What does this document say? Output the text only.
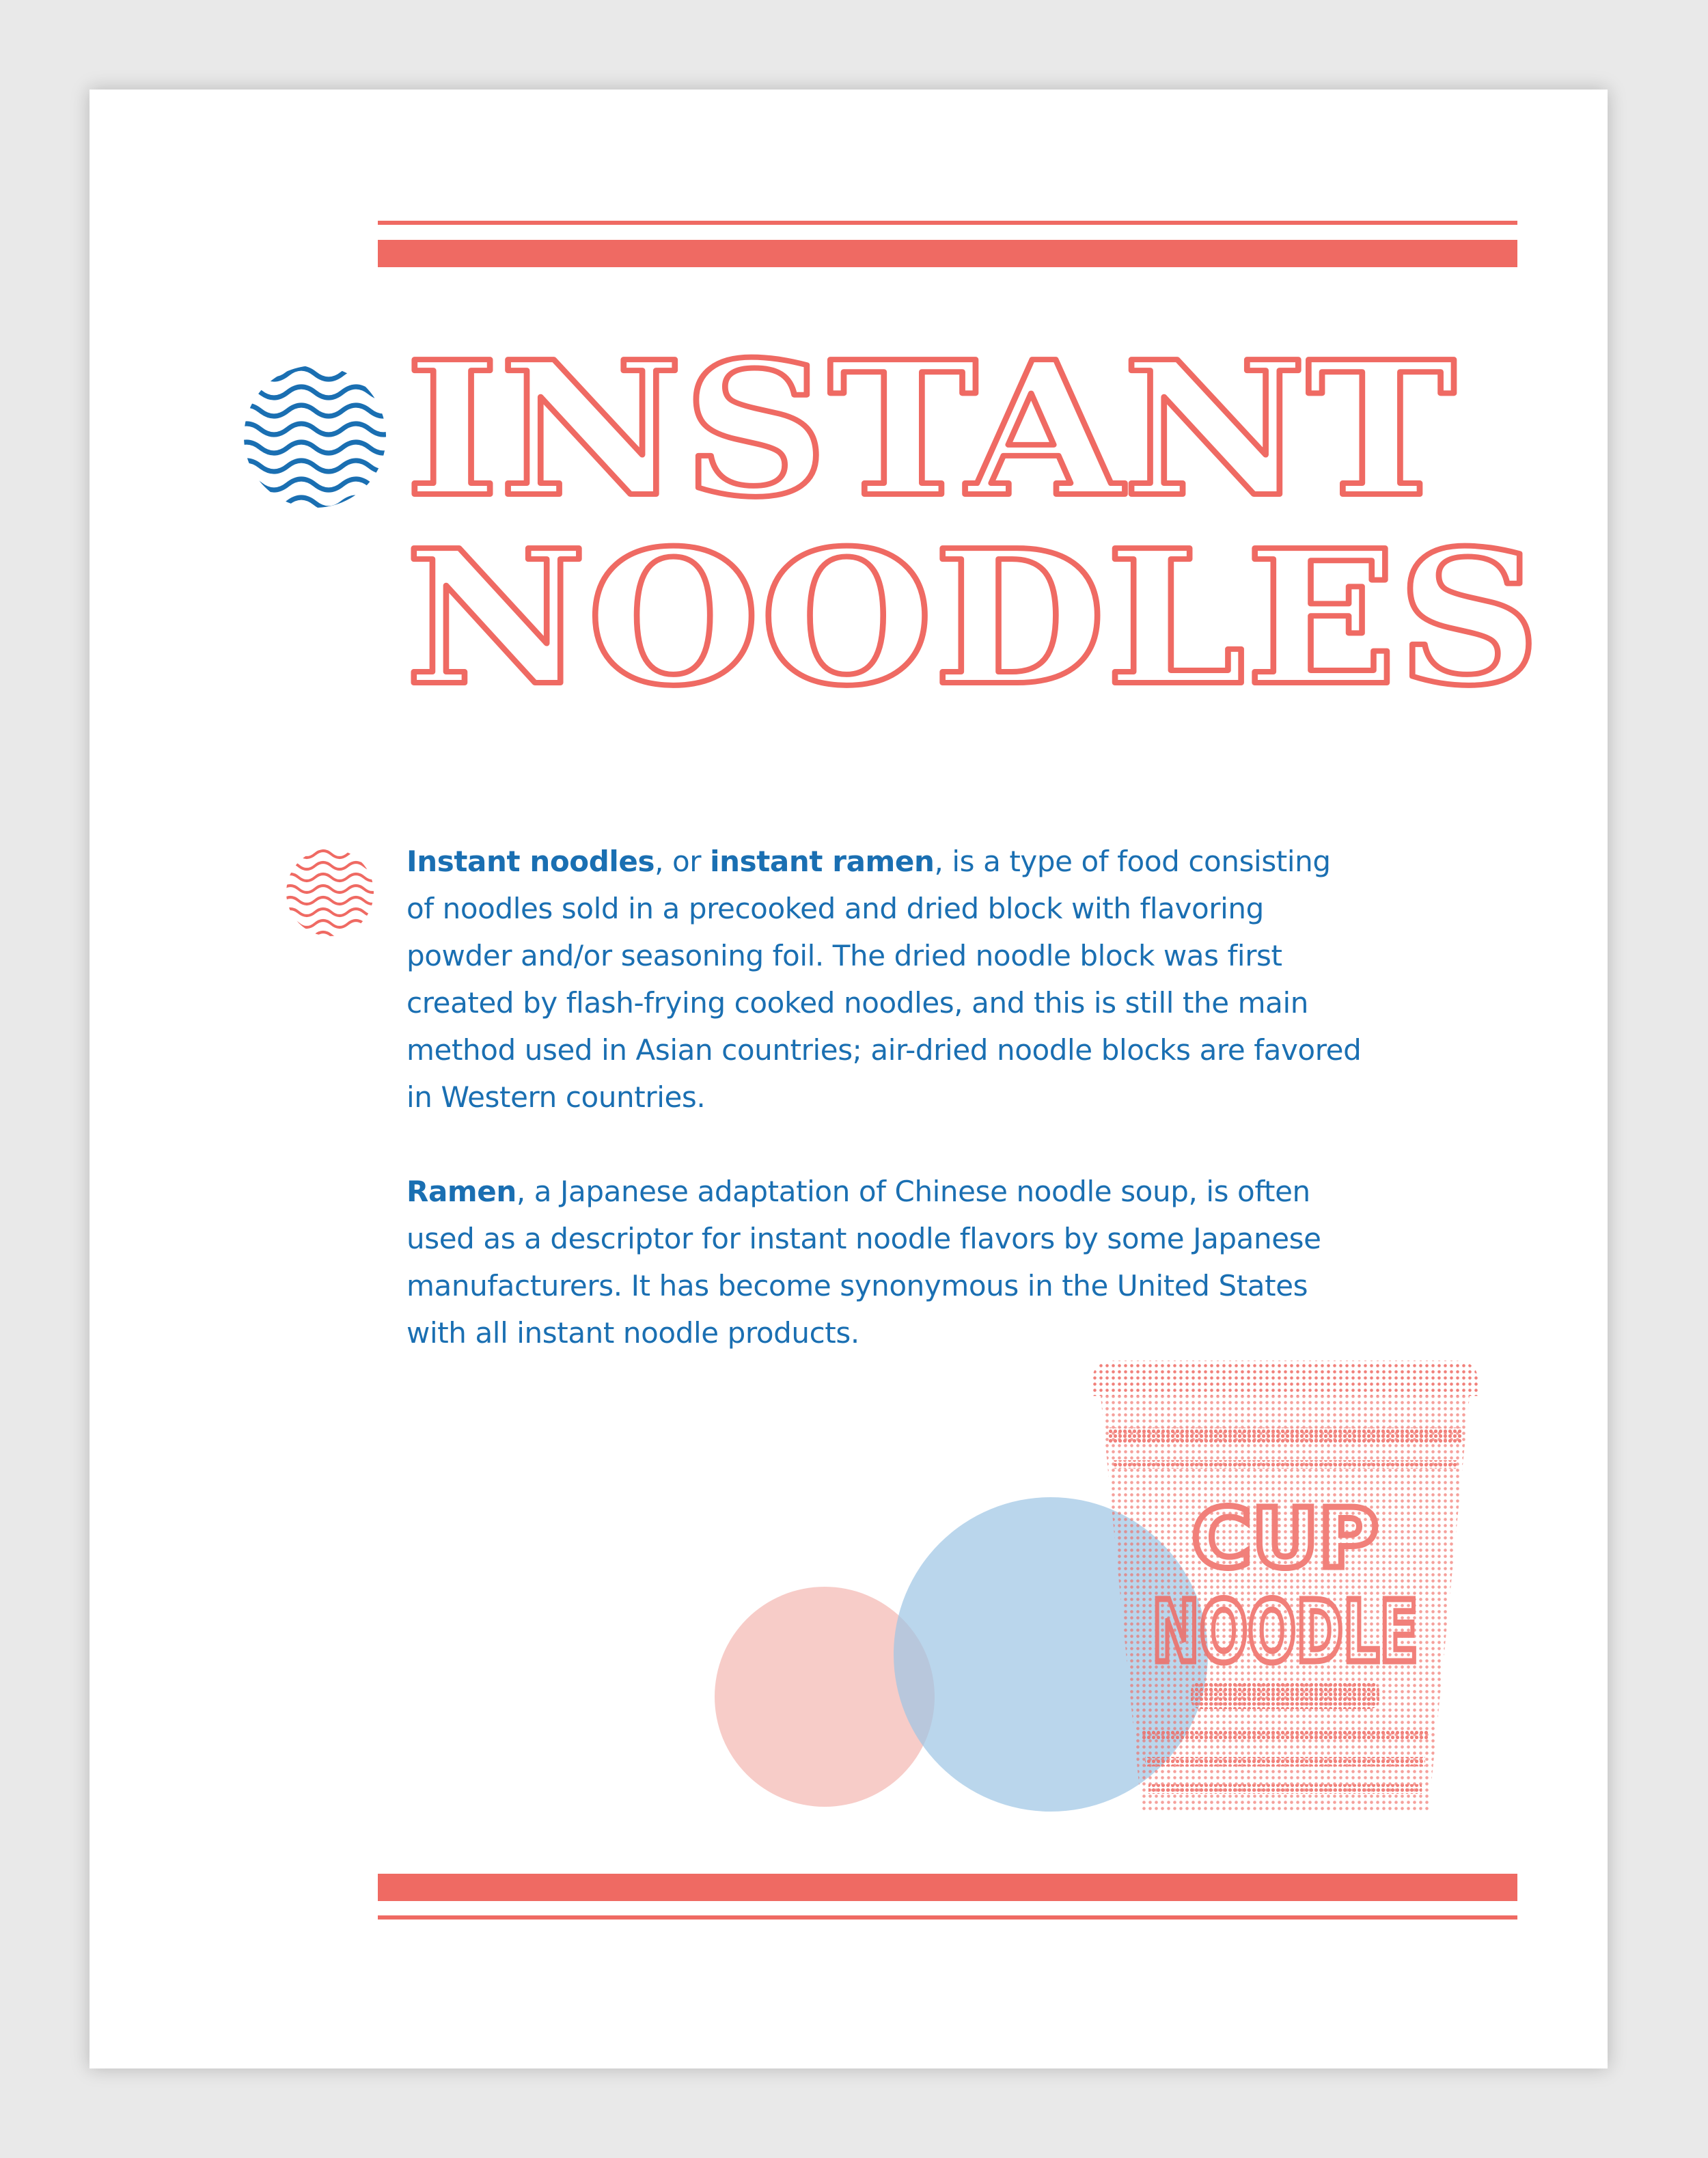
INSTANT
NOODLES

Instant noodles, or instant ramen, is a type of food consisting of noodles sold in a precooked and dried block with flavoring powder and/or seasoning foil. The dried noodle block was first created by flash-frying cooked noodles, and this is still the main method used in Asian countries; air-dried noodle blocks are favored in Western countries.

Ramen, a Japanese adaptation of Chinese noodle soup, is often used as a descriptor for instant noodle flavors by some Japanese manufacturers. It has become synonymous in the United States with all instant noodle products.

CUP
NOODLE
